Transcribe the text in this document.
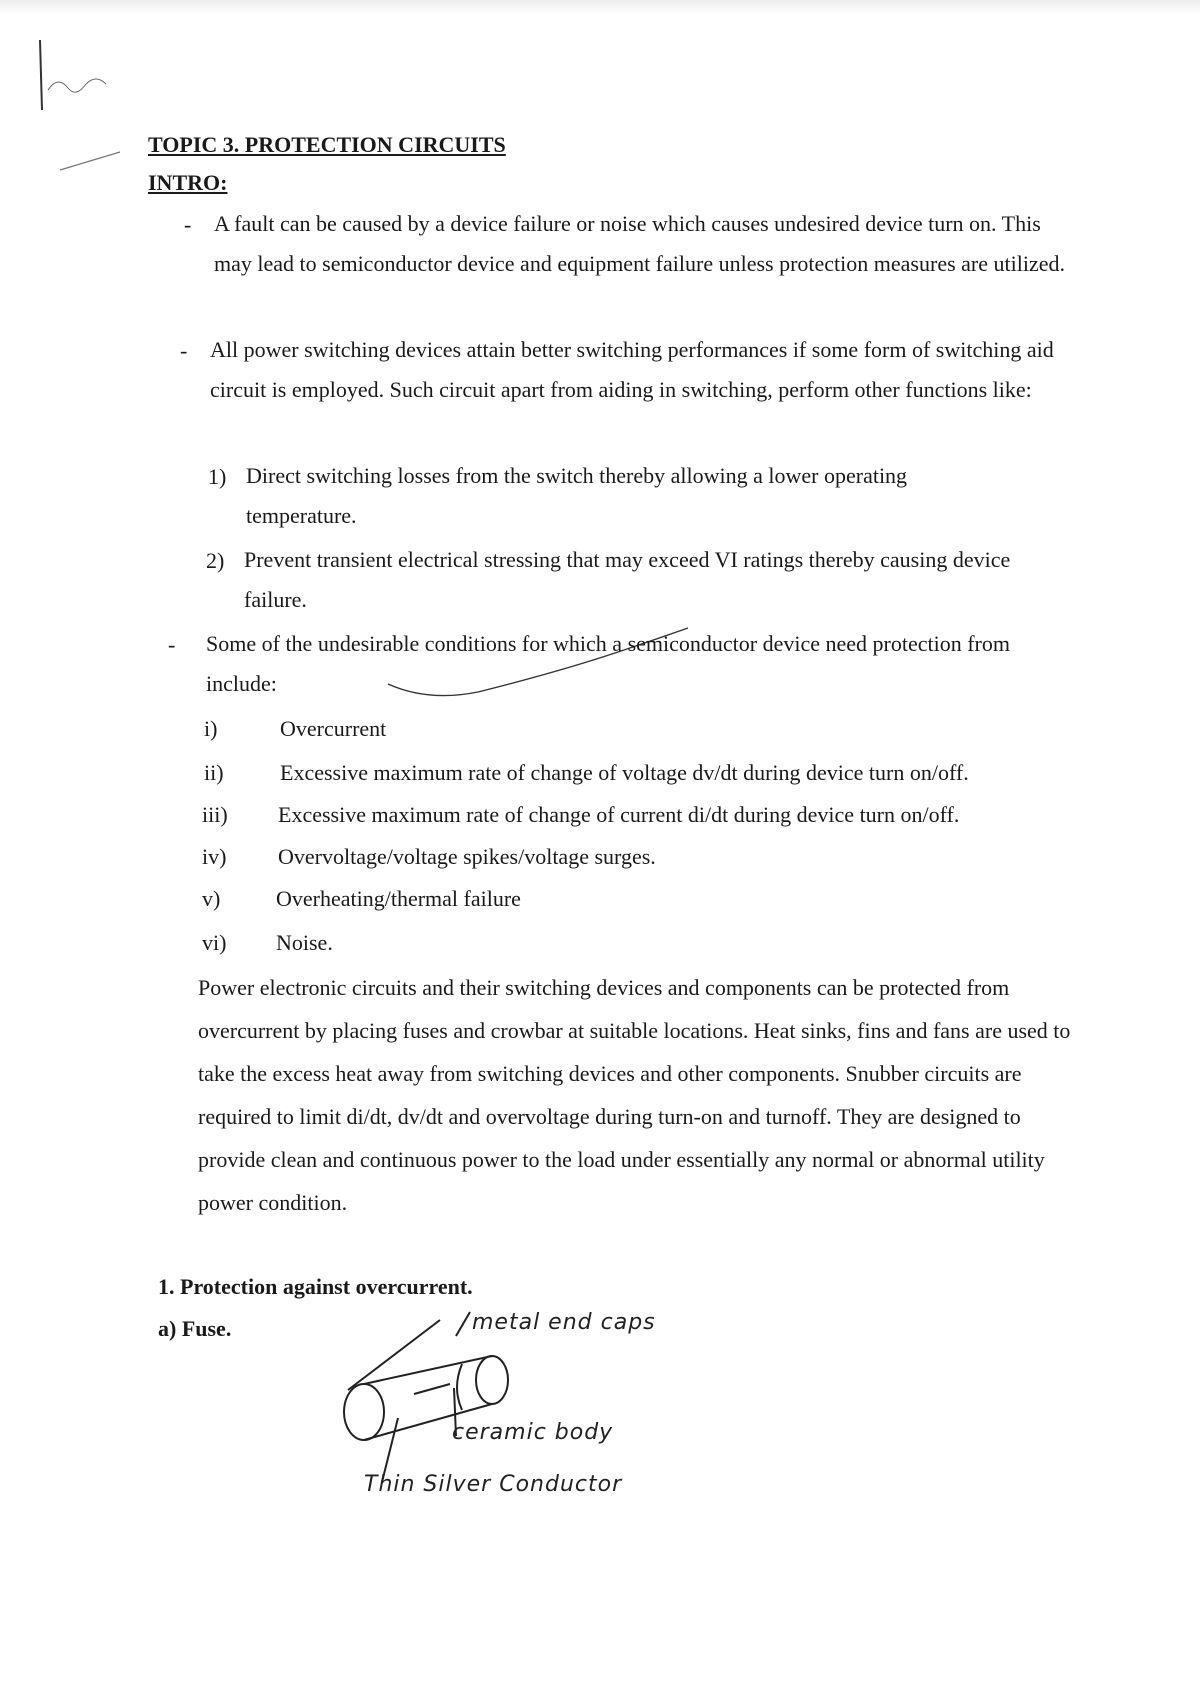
TOPIC 3. PROTECTION CIRCUITS
INTRO:
- A fault can be caused by a device failure or noise which causes undesired device turn on. This may lead to semiconductor device and equipment failure unless protection measures are utilized.
- All power switching devices attain better switching performances if some form of switching aid circuit is employed. Such circuit apart from aiding in switching, perform other functions like:
1) Direct switching losses from the switch thereby allowing a lower operating temperature.
2) Prevent transient electrical stressing that may exceed VI ratings thereby causing device failure.
- Some of the undesirable conditions for which a semiconductor device need protection from include:
i)	Overcurrent
ii)	Excessive maximum rate of change of voltage dv/dt during device turn on/off.
iii) Excessive maximum rate of change of current di/dt during device turn on/off.
iv) Overvoltage/voltage spikes/voltage surges.
v)	Overheating/thermal failure
vi) Noise.
Power electronic circuits and their switching devices and components can be protected from overcurrent by placing fuses and crowbar at suitable locations. Heat sinks, fins and fans are used to take the excess heat away from switching devices and other components. Snubber circuits are required to limit di/dt, dv/dt and overvoltage during turn-on and turnoff. They are designed to provide clean and continuous power to the load under essentially any normal or abnormal utility power condition.
1. Protection against overcurrent.
a) Fuse.	metal end caps
ceramic body
Thin Silver Conductor
